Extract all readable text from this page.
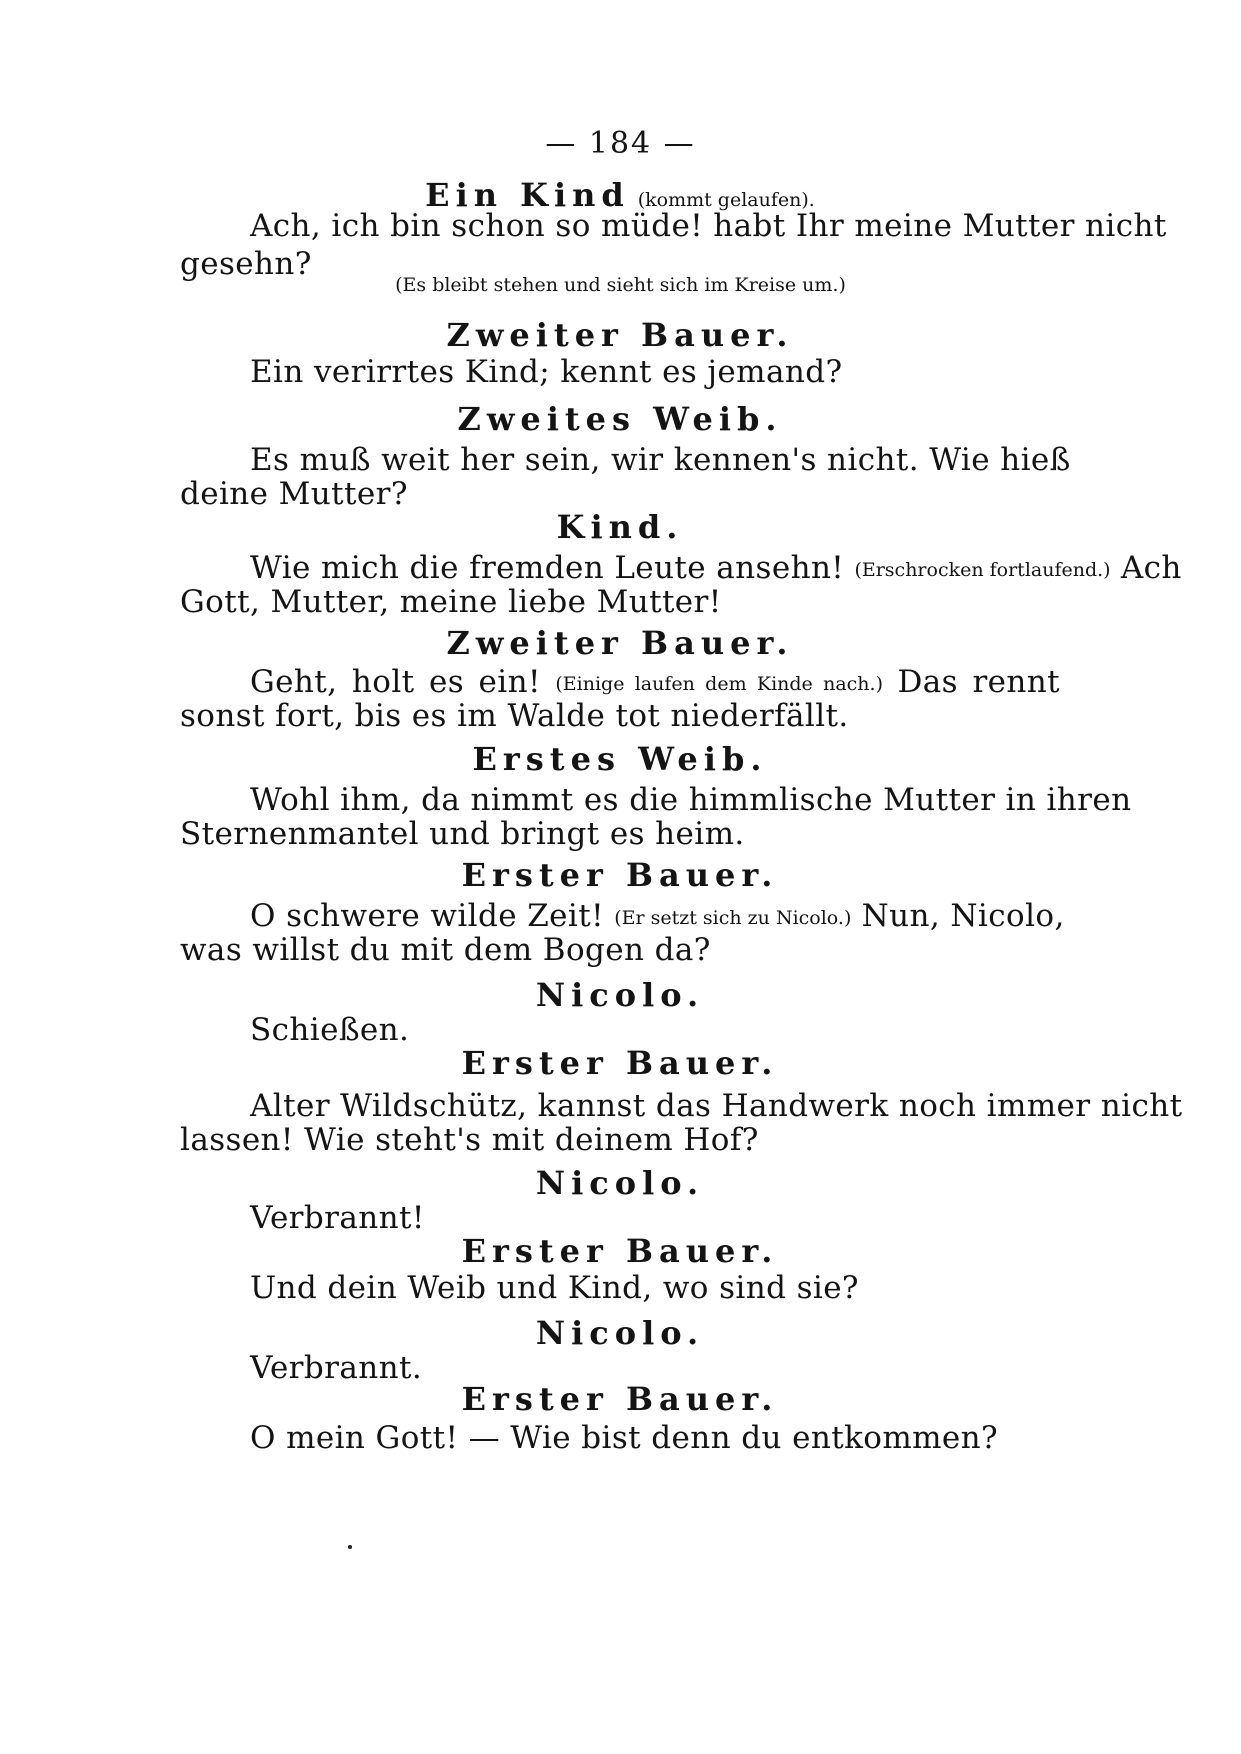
— 184 —
Ein Kind (kommt gelaufen).
Ach, ich bin schon so müde! habt Ihr meine Mutter nicht
gesehn?
(Es bleibt stehen und sieht sich im Kreise um.)
Zweiter Bauer.
Ein verirrtes Kind; kennt es jemand?
Zweites Weib.
Es muß weit her sein, wir kennen's nicht. Wie hieß
deine Mutter?
Kind.
Wie mich die fremden Leute ansehn! (Erschrocken fortlaufend.) Ach
Gott, Mutter, meine liebe Mutter!
Zweiter Bauer.
Geht, holt es ein! (Einige laufen dem Kinde nach.) Das rennt
sonst fort, bis es im Walde tot niederfällt.
Erstes Weib.
Wohl ihm, da nimmt es die himmlische Mutter in ihren
Sternenmantel und bringt es heim.
Erster Bauer.
O schwere wilde Zeit! (Er setzt sich zu Nicolo.) Nun, Nicolo,
was willst du mit dem Bogen da?
Nicolo.
Schießen.
Erster Bauer.
Alter Wildschütz, kannst das Handwerk noch immer nicht
lassen! Wie steht's mit deinem Hof?
Nicolo.
Verbrannt!
Erster Bauer.
Und dein Weib und Kind, wo sind sie?
Nicolo.
Verbrannt.
Erster Bauer.
O mein Gott! — Wie bist denn du entkommen?
